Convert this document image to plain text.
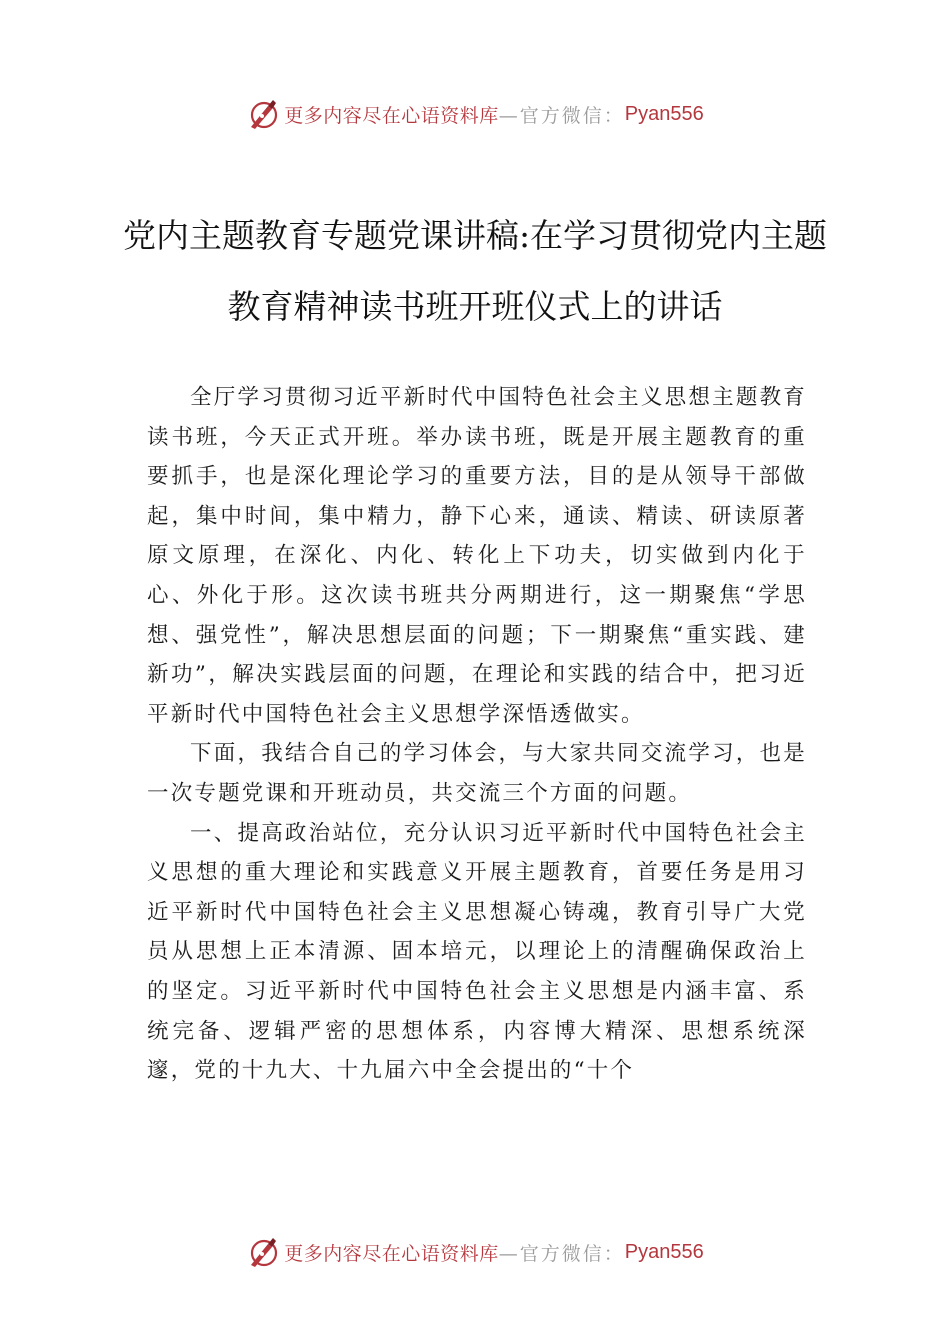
更多内容尽在心语资料库 —官方微信： Pyan556
党内主题教育专题党课讲稿:在学习贯彻党内主题教育精神读书班开班仪式上的讲话

全厅学习贯彻习近平新时代中国特色社会主义思想主题教育读书班，今天正式开班。举办读书班，既是开展主题教育的重要抓手，也是深化理论学习的重要方法，目的是从领导干部做起，集中时间，集中精力，静下心来，通读、精读、研读原著原文原理，在深化、内化、转化上下功夫，切实做到内化于心、外化于形。这次读书班共分两期进行，这一期聚焦“学思想、强党性”，解决思想层面的问题；下一期聚焦“重实践、建新功”，解决实践层面的问题，在理论和实践的结合中，把习近平新时代中国特色社会主义思想学深悟透做实。

下面，我结合自己的学习体会，与大家共同交流学习，也是一次专题党课和开班动员，共交流三个方面的问题。

一、提高政治站位，充分认识习近平新时代中国特色社会主义思想的重大理论和实践意义开展主题教育，首要任务是用习近平新时代中国特色社会主义思想凝心铸魂，教育引导广大党员从思想上正本清源、固本培元，以理论上的清醒确保政治上的坚定。习近平新时代中国特色社会主义思想是内涵丰富、系统完备、逻辑严密的思想体系，内容博大精深、思想系统深邃，党的十九大、十九届六中全会提出的“十个

更多内容尽在心语资料库 —官方微信： Pyan556
